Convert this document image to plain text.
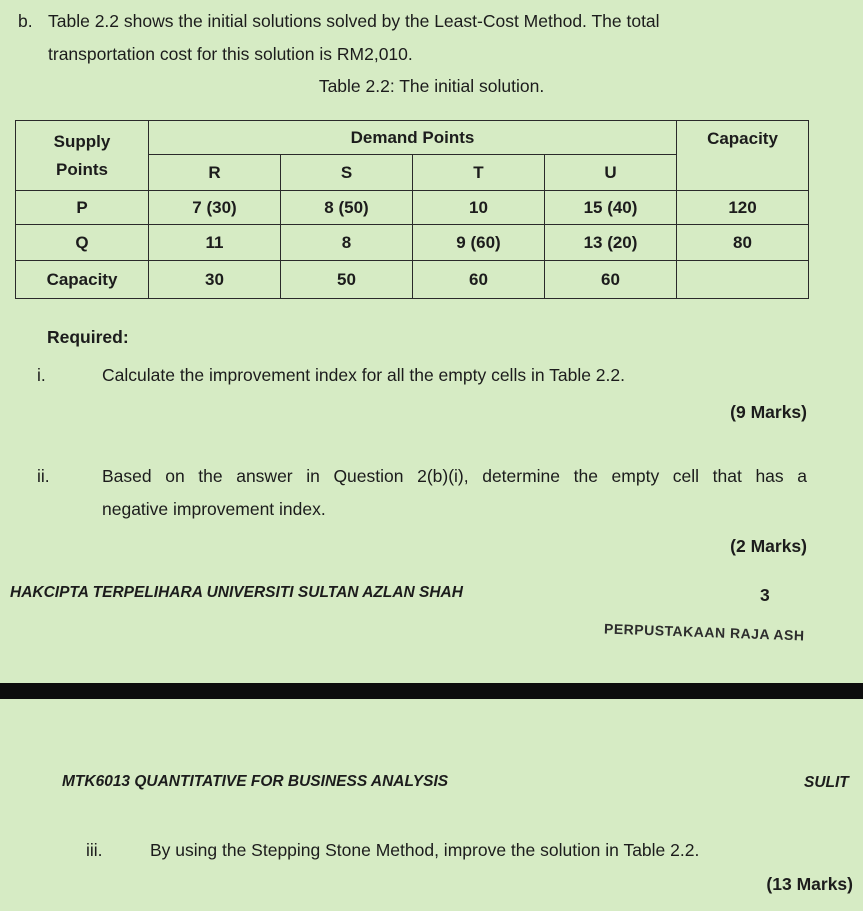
b. Table 2.2 shows the initial solutions solved by the Least-Cost Method. The total
transportation cost for this solution is RM2,010.
Table 2.2: The initial solution.
Supply
Points	Demand Points				Capacity
	R	S	T	U	
P	7 (30)	8 (50)	10	15 (40)	120
Q	11	8	9 (60)	13 (20)	80
Capacity	30	50	60	60	
Required:
i.	Calculate the improvement index for all the empty cells in Table 2.2.
(9 Marks)
ii.	Based on the answer in Question 2(b)(i), determine the empty cell that has a
negative improvement index.
(2 Marks)
HAKCIPTA TERPELIHARA UNIVERSITI SULTAN AZLAN SHAH	3
PERPUSTAKAAN RAJA ASH
MTK6013 QUANTITATIVE FOR BUSINESS ANALYSIS	SULIT
iii.	By using the Stepping Stone Method, improve the solution in Table 2.2.
(13 Marks)
